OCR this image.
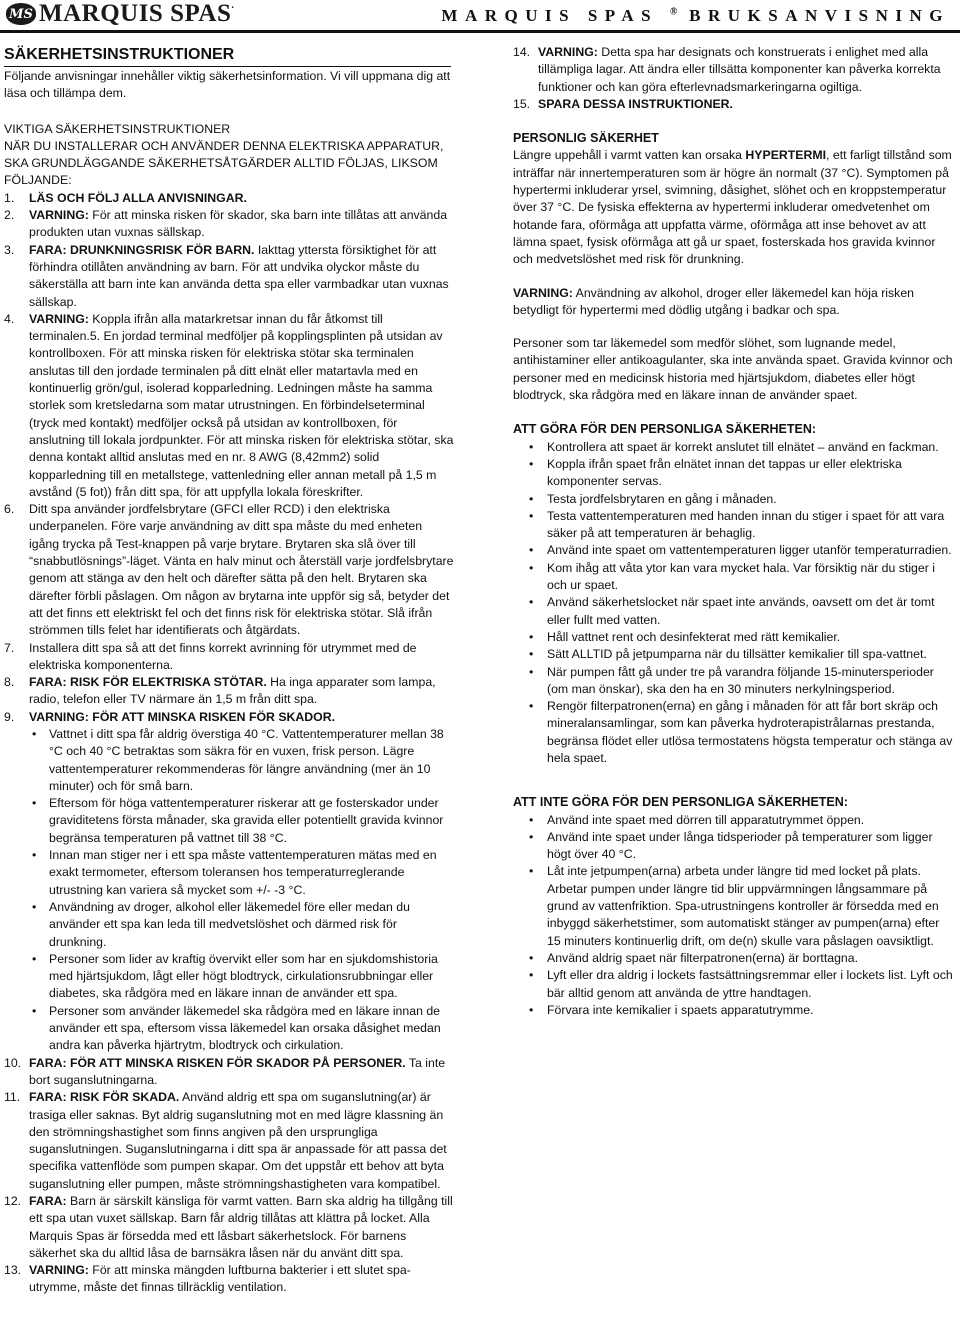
MS MARQUIS SPAS.
MARQUIS SPAS ® BRUKSANVISNING
SÄKERHETSINSTRUKTIONER

Följande anvisningar innehåller viktig säkerhetsinformation. Vi vill uppmana dig att läsa och tillämpa dem.

VIKTIGA SÄKERHETSINSTRUKTIONER

NÄR DU INSTALLERAR OCH ANVÄNDER DENNA ELEKTRISKA APPARATUR, SKA GRUNDLÄGGANDE SÄKERHETSÅTGÄRDER ALLTID FÖLJAS, LIKSOM FÖLJANDE:

1.	LÄS OCH FÖLJ ALLA ANVISNINGAR.
2.	VARNING: För att minska risken för skador, ska barn inte tillåtas att använda produkten utan vuxnas sällskap.
3.	FARA: DRUNKNINGSRISK FÖR BARN. Iakttag yttersta försiktighet för att förhindra otillåten användning av barn. För att undvika olyckor måste du säkerställa att barn inte kan använda detta spa eller varmbadkar utan vuxnas sällskap.
4.	VARNING: Koppla ifrån alla matarkretsar innan du får åtkomst till terminalen.5. En jordad terminal medföljer på kopplingsplinten på utsidan av kontrollboxen. För att minska risken för elektriska stötar ska terminalen anslutas till den jordade terminalen på ditt elnät eller matartavla med en kontinuerlig grön/gul, isolerad kopparledning. Ledningen måste ha samma storlek som kretsledarna som matar utrustningen. En förbindelseterminal (tryck med kontakt) medföljer också på utsidan av kontrollboxen, för anslutning till lokala jordpunkter. För att minska risken för elektriska stötar, ska denna kontakt alltid anslutas med en nr. 8 AWG (8,42mm2) solid kopparledning till en metallstege, vattenledning eller annan metall på 1,5 m avstånd (5 fot)) från ditt spa, för att uppfylla lokala föreskrifter.
6.	Ditt spa använder jordfelsbrytare (GFCI eller RCD) i den elektriska underpanelen. Före varje användning av ditt spa måste du med enheten igång trycka på Test-knappen på varje brytare. Brytaren ska slå över till “snabbutlösnings”-läget. Vänta en halv minut och återställ varje jordfelsbrytare genom att stänga av den helt och därefter sätta på den helt. Brytaren ska därefter förbli påslagen. Om någon av brytarna inte uppför sig så, betyder det att det finns ett elektriskt fel och det finns risk för elektriska stötar. Slå ifrån strömmen tills felet har identifierats och åtgärdats.
7.	Installera ditt spa så att det finns korrekt avrinning för utrymmet med de elektriska komponenterna.
8.	FARA: RISK FÖR ELEKTRISKA STÖTAR. Ha inga apparater som lampa, radio, telefon eller TV närmare än 1,5 m från ditt spa.
9.	VARNING: FÖR ATT MINSKA RISKEN FÖR SKADOR.
•	Vattnet i ditt spa får aldrig överstiga 40 °C. Vattentemperaturer mellan 38 °C och 40 °C betraktas som säkra för en vuxen, frisk person. Lägre vattentemperaturer rekommenderas för längre användning (mer än 10 minuter) och för små barn.
•	Eftersom för höga vattentemperaturer riskerar att ge fosterskador under graviditetens första månader, ska gravida eller potentiellt gravida kvinnor begränsa temperaturen på vattnet till 38 °C.
•	Innan man stiger ner i ett spa måste vattentemperaturen mätas med en exakt termometer, eftersom toleransen hos temperaturreglerande utrustning kan variera så mycket som +/- -3 °C.
•	Användning av droger, alkohol eller läkemedel före eller medan du använder ett spa kan leda till medvetslöshet och därmed risk för drunkning.
•	Personer som lider av kraftig övervikt eller som har en sjukdomshistoria med hjärtsjukdom, lågt eller högt blodtryck, cirkulationsrubbningar eller diabetes, ska rådgöra med en läkare innan de använder ett spa.
•	Personer som använder läkemedel ska rådgöra med en läkare innan de använder ett spa, eftersom vissa läkemedel kan orsaka dåsighet medan andra kan påverka hjärtrytm, blodtryck och cirkulation.
10. FARA: FÖR ATT MINSKA RISKEN FÖR SKADOR PÅ PERSONER. Ta inte bort suganslutningarna.
11. FARA: RISK FÖR SKADA. Använd aldrig ett spa om suganslutning(ar) är trasiga eller saknas. Byt aldrig suganslutning mot en med lägre klassning än den strömningshastighet som finns angiven på den ursprungliga suganslutningen. Suganslutningarna i ditt spa är anpassade för att passa det specifika vattenflöde som pumpen skapar. Om det uppstår ett behov att byta suganslutning eller pumpen, måste strömningshastigheten vara kompatibel.
12. FARA: Barn är särskilt känsliga för varmt vatten. Barn ska aldrig ha tillgång till ett spa utan vuxet sällskap. Barn får aldrig tillåtas att klättra på locket. Alla Marquis Spas är försedda med ett låsbart säkerhetslock. För barnens säkerhet ska du alltid låsa de barnsäkra låsen när du använt ditt spa.
13. VARNING: För att minska mängden luftburna bakterier i ett slutet spa-utrymme, måste det finnas tillräcklig ventilation.
14. VARNING: Detta spa har designats och konstruerats i enlighet med alla tillämpliga lagar. Att ändra eller tillsätta komponenter kan påverka korrekta funktioner och kan göra efterlevnadsmarkeringarna ogiltiga.
15. SPARA DESSA INSTRUKTIONER.

PERSONLIG SÄKERHET

Längre uppehåll i varmt vatten kan orsaka HYPERTERMI, ett farligt tillstånd som inträffar när innertemperaturen som är högre än normalt (37 °C). Symptomen på hypertermi inkluderar yrsel, svimning, dåsighet, slöhet och en kroppstemperatur över 37 °C. De fysiska effekterna av hypertermi inkluderar omedvetenhet om hotande fara, oförmåga att uppfatta värme, oförmåga att inse behovet av att lämna spaet, fysisk oförmåga att gå ur spaet, fosterskada hos gravida kvinnor och medvetslöshet med risk för drunkning.

VARNING: Användning av alkohol, droger eller läkemedel kan höja risken betydligt för hypertermi med dödlig utgång i badkar och spa.

Personer som tar läkemedel som medför slöhet, som lugnande medel, antihistaminer eller antikoagulanter, ska inte använda spaet. Gravida kvinnor och personer med en medicinsk historia med hjärtsjukdom, diabetes eller högt blodtryck, ska rådgöra med en läkare innan de använder spaet.

ATT GÖRA FÖR DEN PERSONLIGA SÄKERHETEN:

•	Kontrollera att spaet är korrekt anslutet till elnätet – använd en fackman.
•	Koppla ifrån spaet från elnätet innan det tappas ur eller elektriska komponenter servas.
•	Testa jordfelsbrytaren en gång i månaden.
•	Testa vattentemperaturen med handen innan du stiger i spaet för att vara säker på att temperaturen är behaglig.
•	Använd inte spaet om vattentemperaturen ligger utanför temperaturradien.
•	Kom ihåg att våta ytor kan vara mycket hala. Var försiktig när du stiger i och ur spaet.
•	Använd säkerhetslocket när spaet inte används, oavsett om det är tomt eller fullt med vatten.
•	Håll vattnet rent och desinfekterat med rätt kemikalier.
•	Sätt ALLTID på jetpumparna när du tillsätter kemikalier till spa-vattnet.
•	När pumpen fått gå under tre på varandra följande 15-minutersperioder (om man önskar), ska den ha en 30 minuters nerkylningsperiod.
•	Rengör filterpatronen(erna) en gång i månaden för att får bort skräp och mineralansamlingar, som kan påverka hydroterapistrålarnas prestanda, begränsa flödet eller utlösa termostatens högsta temperatur och stänga av hela spaet.

ATT INTE GÖRA FÖR DEN PERSONLIGA SÄKERHETEN:

•	Använd inte spaet med dörren till apparatutrymmet öppen.
•	Använd inte spaet under långa tidsperioder på temperaturer som ligger högt över 40 °C.
•	Låt inte jetpumpen(arna) arbeta under längre tid med locket på plats. Arbetar pumpen under längre tid blir uppvärmningen långsammare på grund av vattenfriktion. Spa-utrustningens kontroller är försedda med en inbyggd säkerhetstimer, som automatiskt stänger av pumpen(arna) efter 15 minuters kontinuerlig drift, om de(n) skulle vara påslagen oavsiktligt.
•	Använd aldrig spaet när filterpatronen(erna) är borttagna.
•	Lyft eller dra aldrig i lockets fastsättningsremmar eller i lockets list. Lyft och bär alltid genom att använda de yttre handtagen.
•	Förvara inte kemikalier i spaets apparatutrymme.
